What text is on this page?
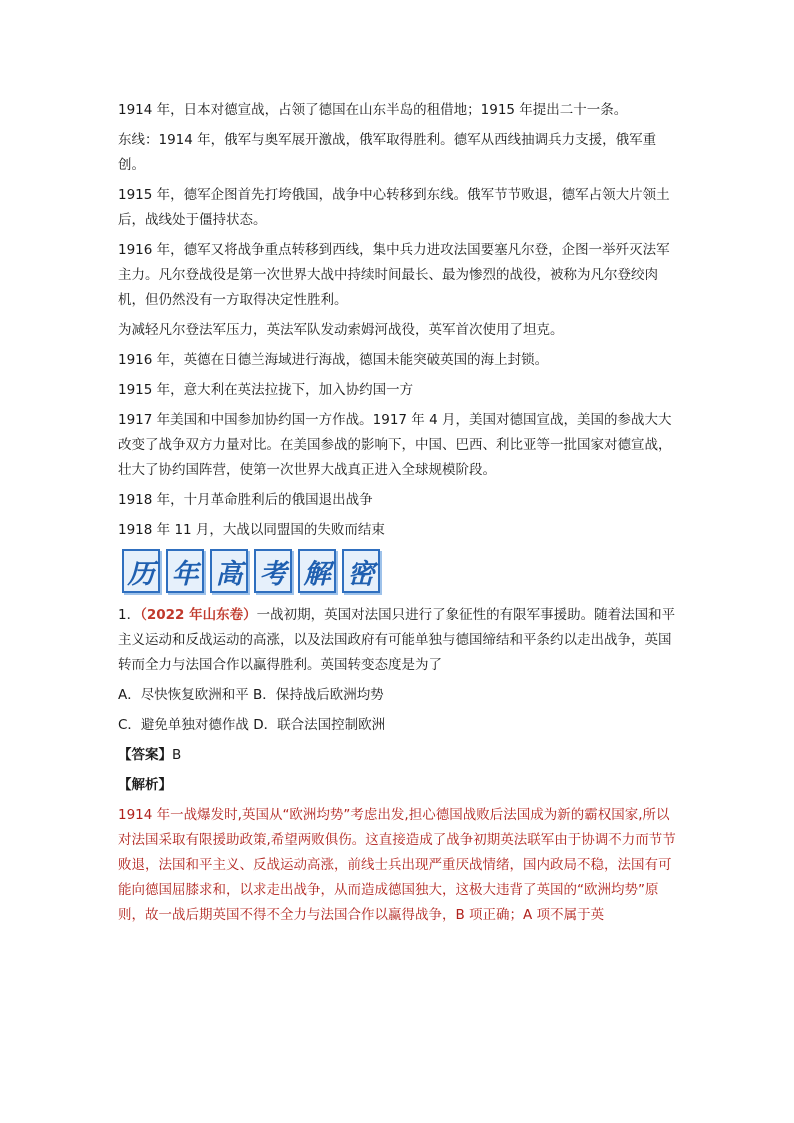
1914 年，日本对德宣战，占领了德国在山东半岛的租借地；1915 年提出二十一条。

东线：1914 年，俄军与奥军展开激战，俄军取得胜利。德军从西线抽调兵力支援，俄军重创。

1915 年，德军企图首先打垮俄国，战争中心转移到东线。俄军节节败退，德军占领大片领土后，战线处于僵持状态。

1916 年，德军又将战争重点转移到西线，集中兵力进攻法国要塞凡尔登，企图一举歼灭法军主力。凡尔登战役是第一次世界大战中持续时间最长、最为惨烈的战役，被称为凡尔登绞肉机，但仍然没有一方取得决定性胜利。

为减轻凡尔登法军压力，英法军队发动索姆河战役，英军首次使用了坦克。

1916 年，英德在日德兰海域进行海战，德国未能突破英国的海上封锁。

1915 年，意大利在英法拉拢下，加入协约国一方

1917 年美国和中国参加协约国一方作战。1917 年 4 月，美国对德国宣战，美国的参战大大改变了战争双方力量对比。在美国参战的影响下，中国、巴西、利比亚等一批国家对德宣战，壮大了协约国阵营，使第一次世界大战真正进入全球规模阶段。

1918 年，十月革命胜利后的俄国退出战争

1918 年 11 月，大战以同盟国的失败而结束

历 年 高 考 解 密

1．（2022 年山东卷）一战初期，英国对法国只进行了象征性的有限军事援助。随着法国和平主义运动和反战运动的高涨，以及法国政府有可能单独与德国缔结和平条约以走出战争，英国转而全力与法国合作以赢得胜利。英国转变态度是为了

A．尽快恢复欧洲和平 B．保持战后欧洲均势

C．避免单独对德作战 D．联合法国控制欧洲

【答案】B

【解析】

1914 年一战爆发时,英国从“欧洲均势”考虑出发,担心德国战败后法国成为新的霸权国家,所以对法国采取有限援助政策,希望两败俱伤。这直接造成了战争初期英法联军由于协调不力而节节败退，法国和平主义、反战运动高涨，前线士兵出现严重厌战情绪，国内政局不稳，法国有可能向德国屈膝求和，以求走出战争，从而造成德国独大，这极大违背了英国的“欧洲均势”原则，故一战后期英国不得不全力与法国合作以赢得战争，B 项正确；A 项不属于英
